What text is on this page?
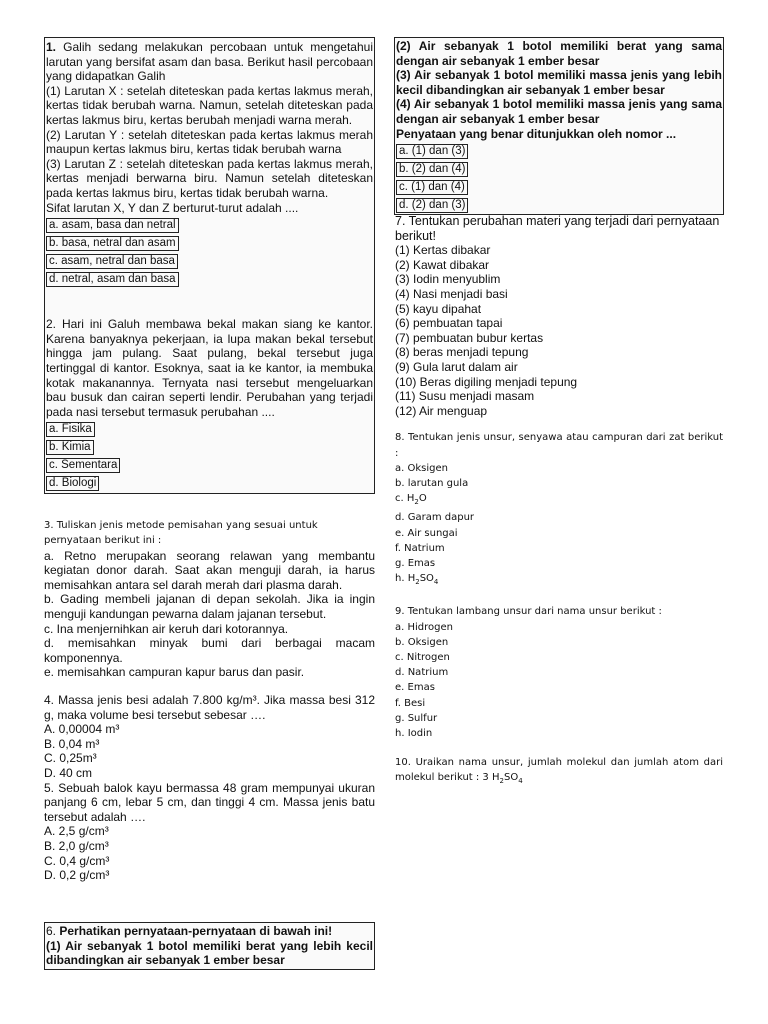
1. Galih sedang melakukan percobaan untuk mengetahui larutan yang bersifat asam dan basa. Berikut hasil percobaan yang didapatkan Galih

(1) Larutan X : setelah diteteskan pada kertas lakmus merah, kertas tidak berubah warna. Namun, setelah diteteskan pada kertas lakmus biru, kertas berubah menjadi warna merah.

(2) Larutan Y : setelah diteteskan pada kertas lakmus merah maupun kertas lakmus biru, kertas tidak berubah warna

(3) Larutan Z : setelah diteteskan pada kertas lakmus merah, kertas menjadi berwarna biru. Namun setelah diteteskan pada kertas lakmus biru, kertas tidak berubah warna.

Sifat larutan X, Y dan Z berturut-turut adalah ....

a. asam, basa dan netral
b. basa, netral dan asam
c. asam, netral dan basa
d. netral, asam dan basa

2. Hari ini Galuh membawa bekal makan siang ke kantor. Karena banyaknya pekerjaan, ia lupa makan bekal tersebut hingga jam pulang. Saat pulang, bekal tersebut juga tertinggal di kantor. Esoknya, saat ia ke kantor, ia membuka kotak makanannya. Ternyata nasi tersebut mengeluarkan bau busuk dan cairan seperti lendir. Perubahan yang terjadi pada nasi tersebut termasuk perubahan ....

a. Fisika
b. Kimia
c. Sementara
d. Biologi

3. Tuliskan jenis metode pemisahan yang sesuai untuk pernyataan berikut ini :

a. Retno merupakan seorang relawan yang membantu kegiatan donor darah. Saat akan menguji darah, ia harus memisahkan antara sel darah merah dari plasma darah.

b. Gading membeli jajanan di depan sekolah. Jika ia ingin menguji kandungan pewarna dalam jajanan tersebut.

c. Ina menjernihkan air keruh dari kotorannya.

d. memisahkan minyak bumi dari berbagai macam komponennya.

e. memisahkan campuran kapur barus dan pasir.

4. Massa jenis besi adalah 7.800 kg/m³. Jika massa besi 312 g, maka volume besi tersebut sebesar ….

A. 0,00004 m³

B. 0,04 m³

C. 0,25m³

D. 40 cm

5. Sebuah balok kayu bermassa 48 gram mempunyai ukuran panjang 6 cm, lebar 5 cm, dan tinggi 4 cm. Massa jenis batu tersebut adalah ….

A. 2,5 g/cm³

B. 2,0 g/cm³

C. 0,4 g/cm³

D. 0,2 g/cm³

6. Perhatikan pernyataan-pernyataan di bawah ini!

(1) Air sebanyak 1 botol memiliki berat yang lebih kecil dibandingkan air sebanyak 1 ember besar

(2) Air sebanyak 1 botol memiliki berat yang sama dengan air sebanyak 1 ember besar

(3) Air sebanyak 1 botol memiliki massa jenis yang lebih kecil dibandingkan air sebanyak 1 ember besar

(4) Air sebanyak 1 botol memiliki massa jenis yang sama dengan air sebanyak 1 ember besar

Penyataan yang benar ditunjukkan oleh nomor ...

a. (1) dan (3)
b. (2) dan (4)
c. (1) dan (4)
d. (2) dan (3)

7. Tentukan perubahan materi yang terjadi dari pernyataan berikut!

(1) Kertas dibakar

(2) Kawat dibakar

(3) Iodin menyublim

(4) Nasi menjadi basi

(5) kayu dipahat

(6) pembuatan tapai

(7) pembuatan bubur kertas

(8) beras menjadi tepung

(9) Gula larut dalam air

(10) Beras digiling menjadi tepung

(11) Susu menjadi masam

(12) Air menguap

8. Tentukan jenis unsur, senyawa atau campuran dari zat berikut :

a. Oksigen

b. larutan gula

c. $H_2O$

d. Garam dapur

e. Air sungai

f. Natrium

g. Emas

h. $H_2SO_4$

9. Tentukan lambang unsur dari nama unsur berikut :

a. Hidrogen

b. Oksigen

c. Nitrogen

d. Natrium

e. Emas

f. Besi

g. Sulfur

h. Iodin

10. Uraikan nama unsur, jumlah molekul dan jumlah atom dari molekul berikut : 3 $H_2SO_4$
